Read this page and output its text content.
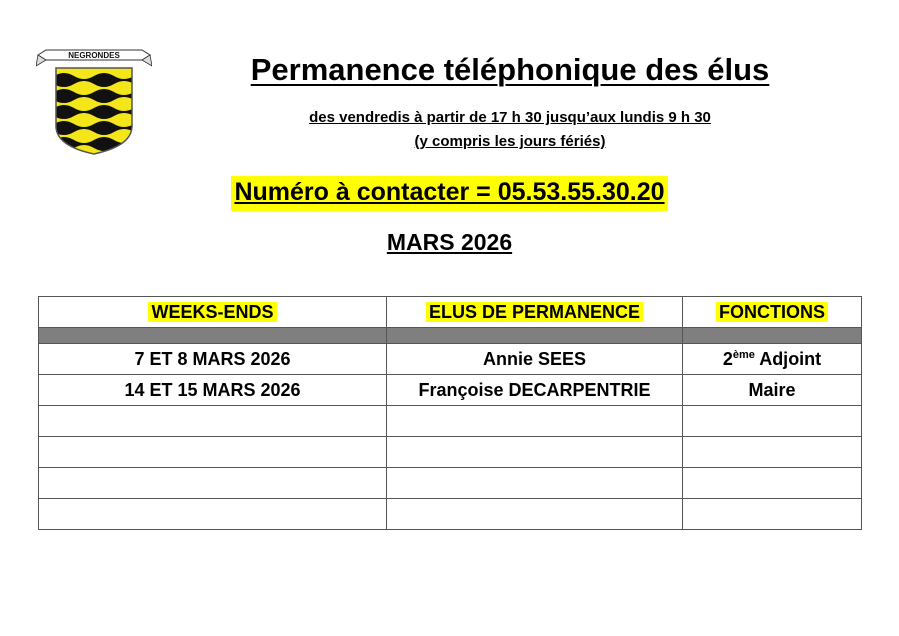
NEGRONDES	Permanence téléphonique des élus
des vendredis à partir de 17 h 30 jusqu’aux lundis 9 h 30
(y compris les jours fériés)
Numéro à contacter = 05.53.55.30.20
MARS 2026
WEEKS-ENDS	ELUS DE PERMANENCE	FONCTIONS

7 ET 8 MARS 2026	Annie SEES	2ème Adjoint
14 ET 15 MARS 2026	Françoise DECARPENTRIE	Maire
